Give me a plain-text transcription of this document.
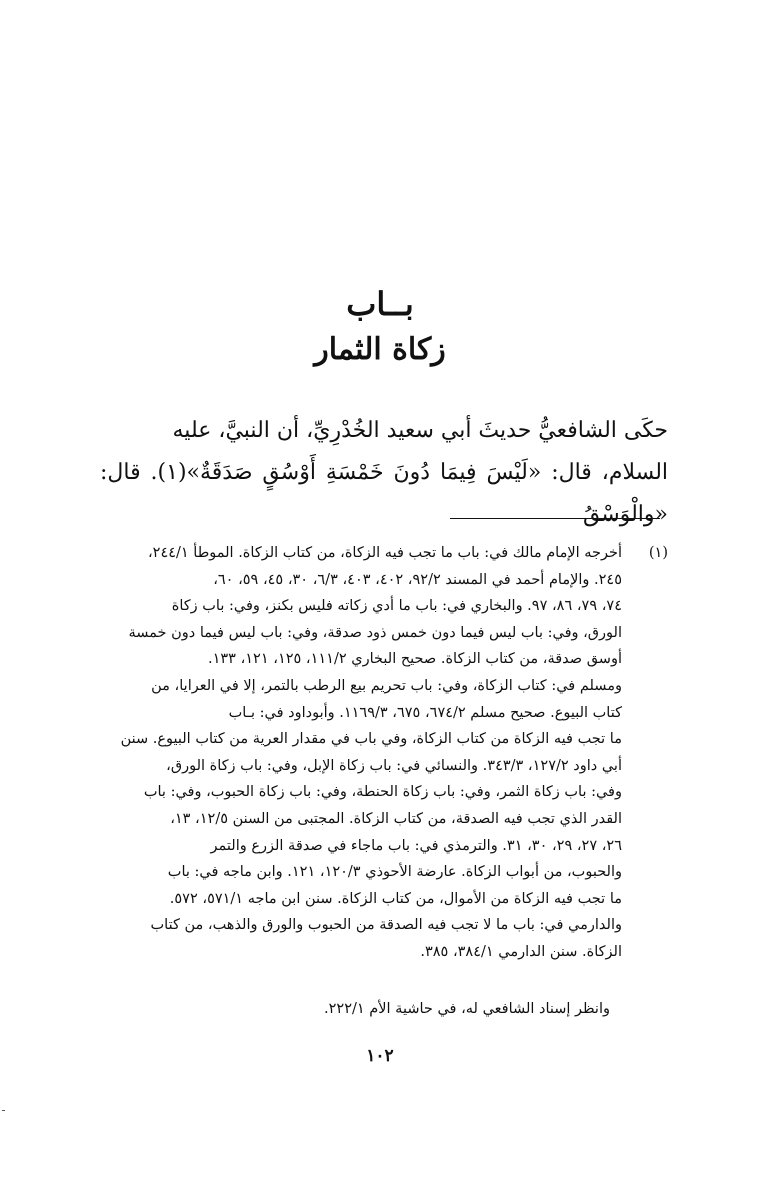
بــاب
زكاة الثمار

حكَى الشافعيُّ حديثَ أبي سعيد الخُدْرِيِّ، أن النبيَّ، عليه
السلام، قال: «لَيْسَ فِيمَا دُونَ خَمْسَةِ أَوْسُقٍ صَدَقَةٌ»(١). قال: «والْوَسْقُ

(١)
أخرجه الإمام مالك في: باب ما تجب فيه الزكاة، من كتاب الزكاة. الموطأ ٢٤٤/١،
٢٤٥. والإمام أحمد في المسند ٩٢/٢، ٤٠٢، ٤٠٣، ٦/٣، ٣٠، ٤٥، ٥٩، ٦٠،
٧٤، ٧٩، ٨٦، ٩٧. والبخاري في: باب ما أدي زكاته فليس بكنز، وفي: باب زكاة
الورق، وفي: باب ليس فيما دون خمس ذود صدقة، وفي: باب ليس فيما دون خمسة
أوسق صدقة، من كتاب الزكاة. صحيح البخاري ١١١/٢، ١٢٥، ١٢١، ١٣٣.
ومسلم في: كتاب الزكاة، وفي: باب تحريم بيع الرطب بالتمر، إلا في العرايا، من
كتاب البيوع. صحيح مسلم ٦٧٤/٢، ٦٧٥، ١١٦٩/٣. وأبوداود في: بـاب
ما تجب فيه الزكاة من كتاب الزكاة، وفي باب في مقدار العرية من كتاب البيوع. سنن
أبي داود ١٢٧/٢، ٣٤٣/٣. والنسائي في: باب زكاة الإبل، وفي: باب زكاة الورق،
وفي: باب زكاة الثمر، وفي: باب زكاة الحنطة، وفي: باب زكاة الحبوب، وفي: باب
القدر الذي تجب فيه الصدقة، من كتاب الزكاة. المجتبى من السنن ١٢/٥، ١٣،
٢٦، ٢٧، ٢٩، ٣٠، ٣١. والترمذي في: باب ماجاء في صدقة الزرع والتمر
والحبوب، من أبواب الزكاة. عارضة الأحوذي ١٢٠/٣، ١٢١. وابن ماجه في: باب
ما تجب فيه الزكاة من الأموال، من كتاب الزكاة. سنن ابن ماجه ٥٧١/١، ٥٧٢.
والدارمي في: باب ما لا تجب فيه الصدقة من الحبوب والورق والذهب، من كتاب
الزكاة. سنن الدارمي ٣٨٤/١، ٣٨٥.
وانظر إسناد الشافعي له، في حاشية الأم ٢٢٢/١.
١٠٢
